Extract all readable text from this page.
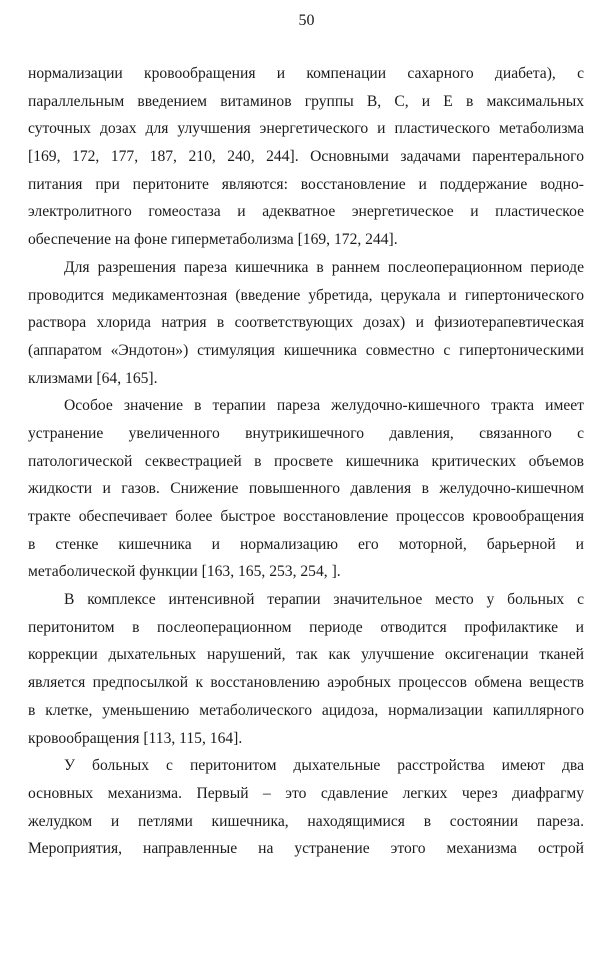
50
нормализации кровообращения и компенации сахарного диабета), с
параллельным введением витаминов группы B, C, и E в максимальных
суточных дозах для улучшения энергетического и пластического метаболизма
[169, 172, 177, 187, 210, 240, 244]. Основными задачами парентерального
питания при перитоните являются: восстановление и поддержание водно-
электролитного гомеостаза и адекватное энергетическое и пластическое
обеспечение на фоне гиперметаболизма [169, 172, 244].
Для разрешения пареза кишечника в раннем послеоперационном периоде
проводится медикаментозная (введение убретида, церукала и гипертонического
раствора хлорида натрия в соответствующих дозах) и физиотерапевтическая
(аппаратом «Эндотон») стимуляция кишечника совместно с гипертоническими
клизмами [64, 165].
Особое значение в терапии пареза желудочно-кишечного тракта имеет
устранение увеличенного внутрикишечного давления, связанного с
патологической секвестрацией в просвете кишечника критических объемов
жидкости и газов. Снижение повышенного давления в желудочно-кишечном
тракте обеспечивает более быстрое восстановление процессов кровообращения
в стенке кишечника и нормализацию его моторной, барьерной и
метаболической функции [163, 165, 253, 254, ].
В комплексе интенсивной терапии значительное место у больных с
перитонитом в послеоперационном периоде отводится профилактике и
коррекции дыхательных нарушений, так как улучшение оксигенации тканей
является предпосылкой к восстановлению аэробных процессов обмена веществ
в клетке, уменьшению метаболического ацидоза, нормализации капиллярного
кровообращения [113, 115, 164].
У больных с перитонитом дыхательные расстройства имеют два
основных механизма. Первый – это сдавление легких через диафрагму
желудком и петлями кишечника, находящимися в состоянии пареза.
Мероприятия, направленные на устранение этого механизма острой
